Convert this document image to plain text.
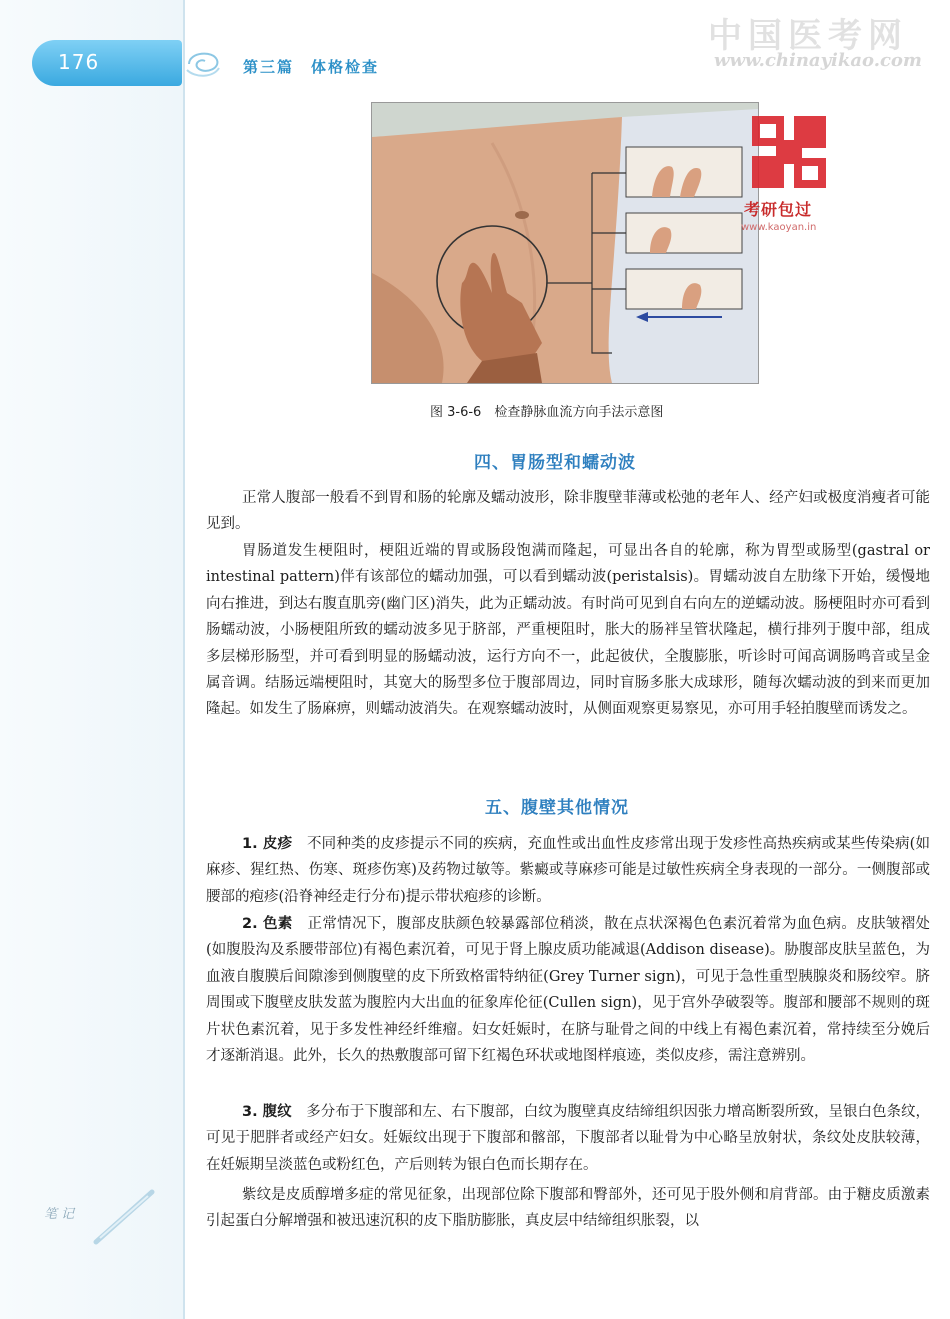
176	第三篇　体格检查
中国医考网
www.chinayikao.com
考研包过
www.kaoyan.in
图 3-6-6　检查静脉血流方向手法示意图
四、胃肠型和蠕动波

正常人腹部一般看不到胃和肠的轮廓及蠕动波形，除非腹壁菲薄或松弛的老年人、经产妇或极度消瘦者可能见到。

胃肠道发生梗阻时，梗阻近端的胃或肠段饱满而隆起，可显出各自的轮廓，称为胃型或肠型(gastral or intestinal pattern)伴有该部位的蠕动加强，可以看到蠕动波(peristalsis)。胃蠕动波自左肋缘下开始，缓慢地向右推进，到达右腹直肌旁(幽门区)消失，此为正蠕动波。有时尚可见到自右向左的逆蠕动波。肠梗阻时亦可看到肠蠕动波，小肠梗阻所致的蠕动波多见于脐部，严重梗阻时，胀大的肠袢呈管状隆起，横行排列于腹中部，组成多层梯形肠型，并可看到明显的肠蠕动波，运行方向不一，此起彼伏，全腹膨胀，听诊时可闻高调肠鸣音或呈金属音调。结肠远端梗阻时，其宽大的肠型多位于腹部周边，同时盲肠多胀大成球形，随每次蠕动波的到来而更加隆起。如发生了肠麻痹，则蠕动波消失。在观察蠕动波时，从侧面观察更易察见，亦可用手轻拍腹壁而诱发之。

五、腹壁其他情况

1. 皮疹　 不同种类的皮疹提示不同的疾病，充血性或出血性皮疹常出现于发疹性高热疾病或某些传染病(如麻疹、猩红热、伤寒、斑疹伤寒)及药物过敏等。紫癜或荨麻疹可能是过敏性疾病全身表现的一部分。一侧腹部或腰部的疱疹(沿脊神经走行分布)提示带状疱疹的诊断。

2. 色素　 正常情况下，腹部皮肤颜色较暴露部位稍淡，散在点状深褐色色素沉着常为血色病。皮肤皱褶处(如腹股沟及系腰带部位)有褐色素沉着，可见于肾上腺皮质功能减退(Addison disease)。胁腹部皮肤呈蓝色，为血液自腹膜后间隙渗到侧腹壁的皮下所致格雷特纳征(Grey Turner sign)，可见于急性重型胰腺炎和肠绞窄。脐周围或下腹壁皮肤发蓝为腹腔内大出血的征象库伦征(Cullen sign)，见于宫外孕破裂等。腹部和腰部不规则的斑片状色素沉着，见于多发性神经纤维瘤。妇女妊娠时，在脐与耻骨之间的中线上有褐色素沉着，常持续至分娩后才逐渐消退。此外，长久的热敷腹部可留下红褐色环状或地图样痕迹，类似皮疹，需注意辨别。

3. 腹纹　 多分布于下腹部和左、右下腹部，白纹为腹壁真皮结缔组织因张力增高断裂所致，呈银白色条纹，可见于肥胖者或经产妇女。妊娠纹出现于下腹部和髂部，下腹部者以耻骨为中心略呈放射状，条纹处皮肤较薄，在妊娠期呈淡蓝色或粉红色，产后则转为银白色而长期存在。

紫纹是皮质醇增多症的常见征象，出现部位除下腹部和臀部外，还可见于股外侧和肩背部。由于糖皮质激素引起蛋白分解增强和被迅速沉积的皮下脂肪膨胀，真皮层中结缔组织胀裂，以

笔 记
